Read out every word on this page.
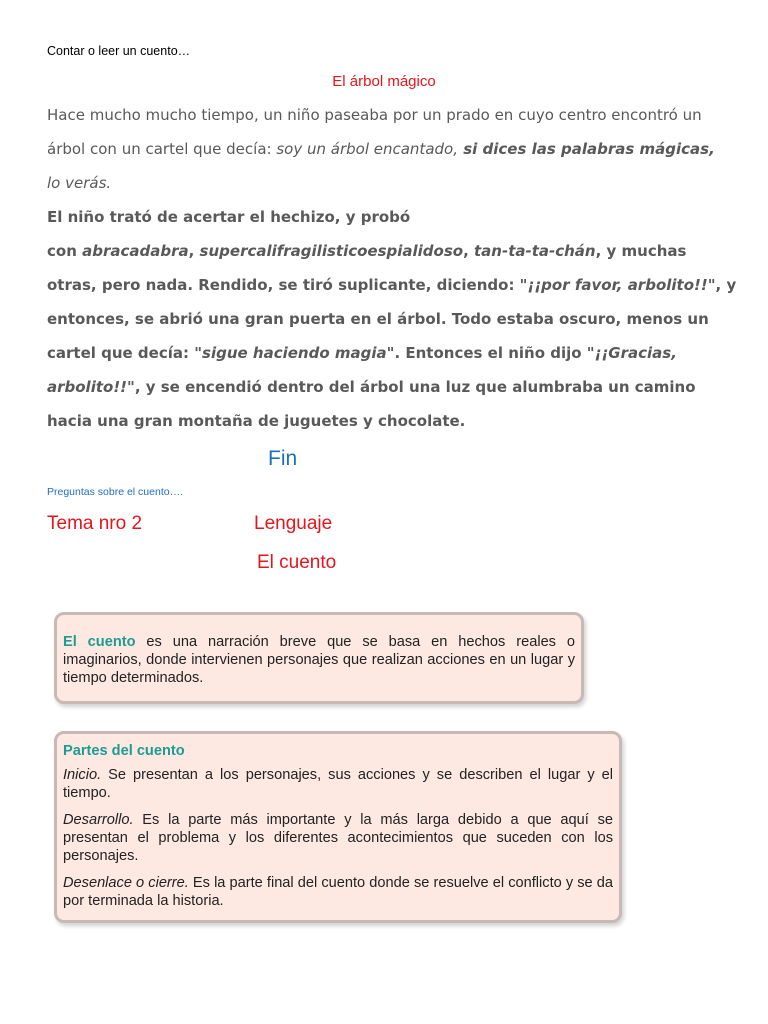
Contar o leer un cuento…
El árbol mágico

Hace mucho mucho tiempo, un niño paseaba por un prado en cuyo centro encontró un

árbol con un cartel que decía: soy un árbol encantado, si dices las palabras mágicas,

lo verás.

El niño trató de acertar el hechizo, y probó

con abracadabra, supercalifragilisticoespialidoso, tan-ta-ta-chán, y muchas

otras, pero nada. Rendido, se tiró suplicante, diciendo: "¡¡por favor, arbolito!!", y

entonces, se abrió una gran puerta en el árbol. Todo estaba oscuro, menos un

cartel que decía: "sigue haciendo magia". Entonces el niño dijo "¡¡Gracias,

arbolito!!", y se encendió dentro del árbol una luz que alumbraba un camino

hacia una gran montaña de juguetes y chocolate.

Fin
Preguntas sobre el cuento….
Tema nro 2	Lenguaje
El cuento
El cuento es una narración breve que se basa en hechos reales o imaginarios, donde intervienen personajes que realizan acciones en un lugar y tiempo determinados.

Partes del cuento

Inicio. Se presentan a los personajes, sus acciones y se describen el lugar y el tiempo.

Desarrollo. Es la parte más importante y la más larga debido a que aquí se presentan el problema y los diferentes acontecimientos que suceden con los personajes.

Desenlace o cierre. Es la parte final del cuento donde se resuelve el conflicto y se da por terminada la historia.
